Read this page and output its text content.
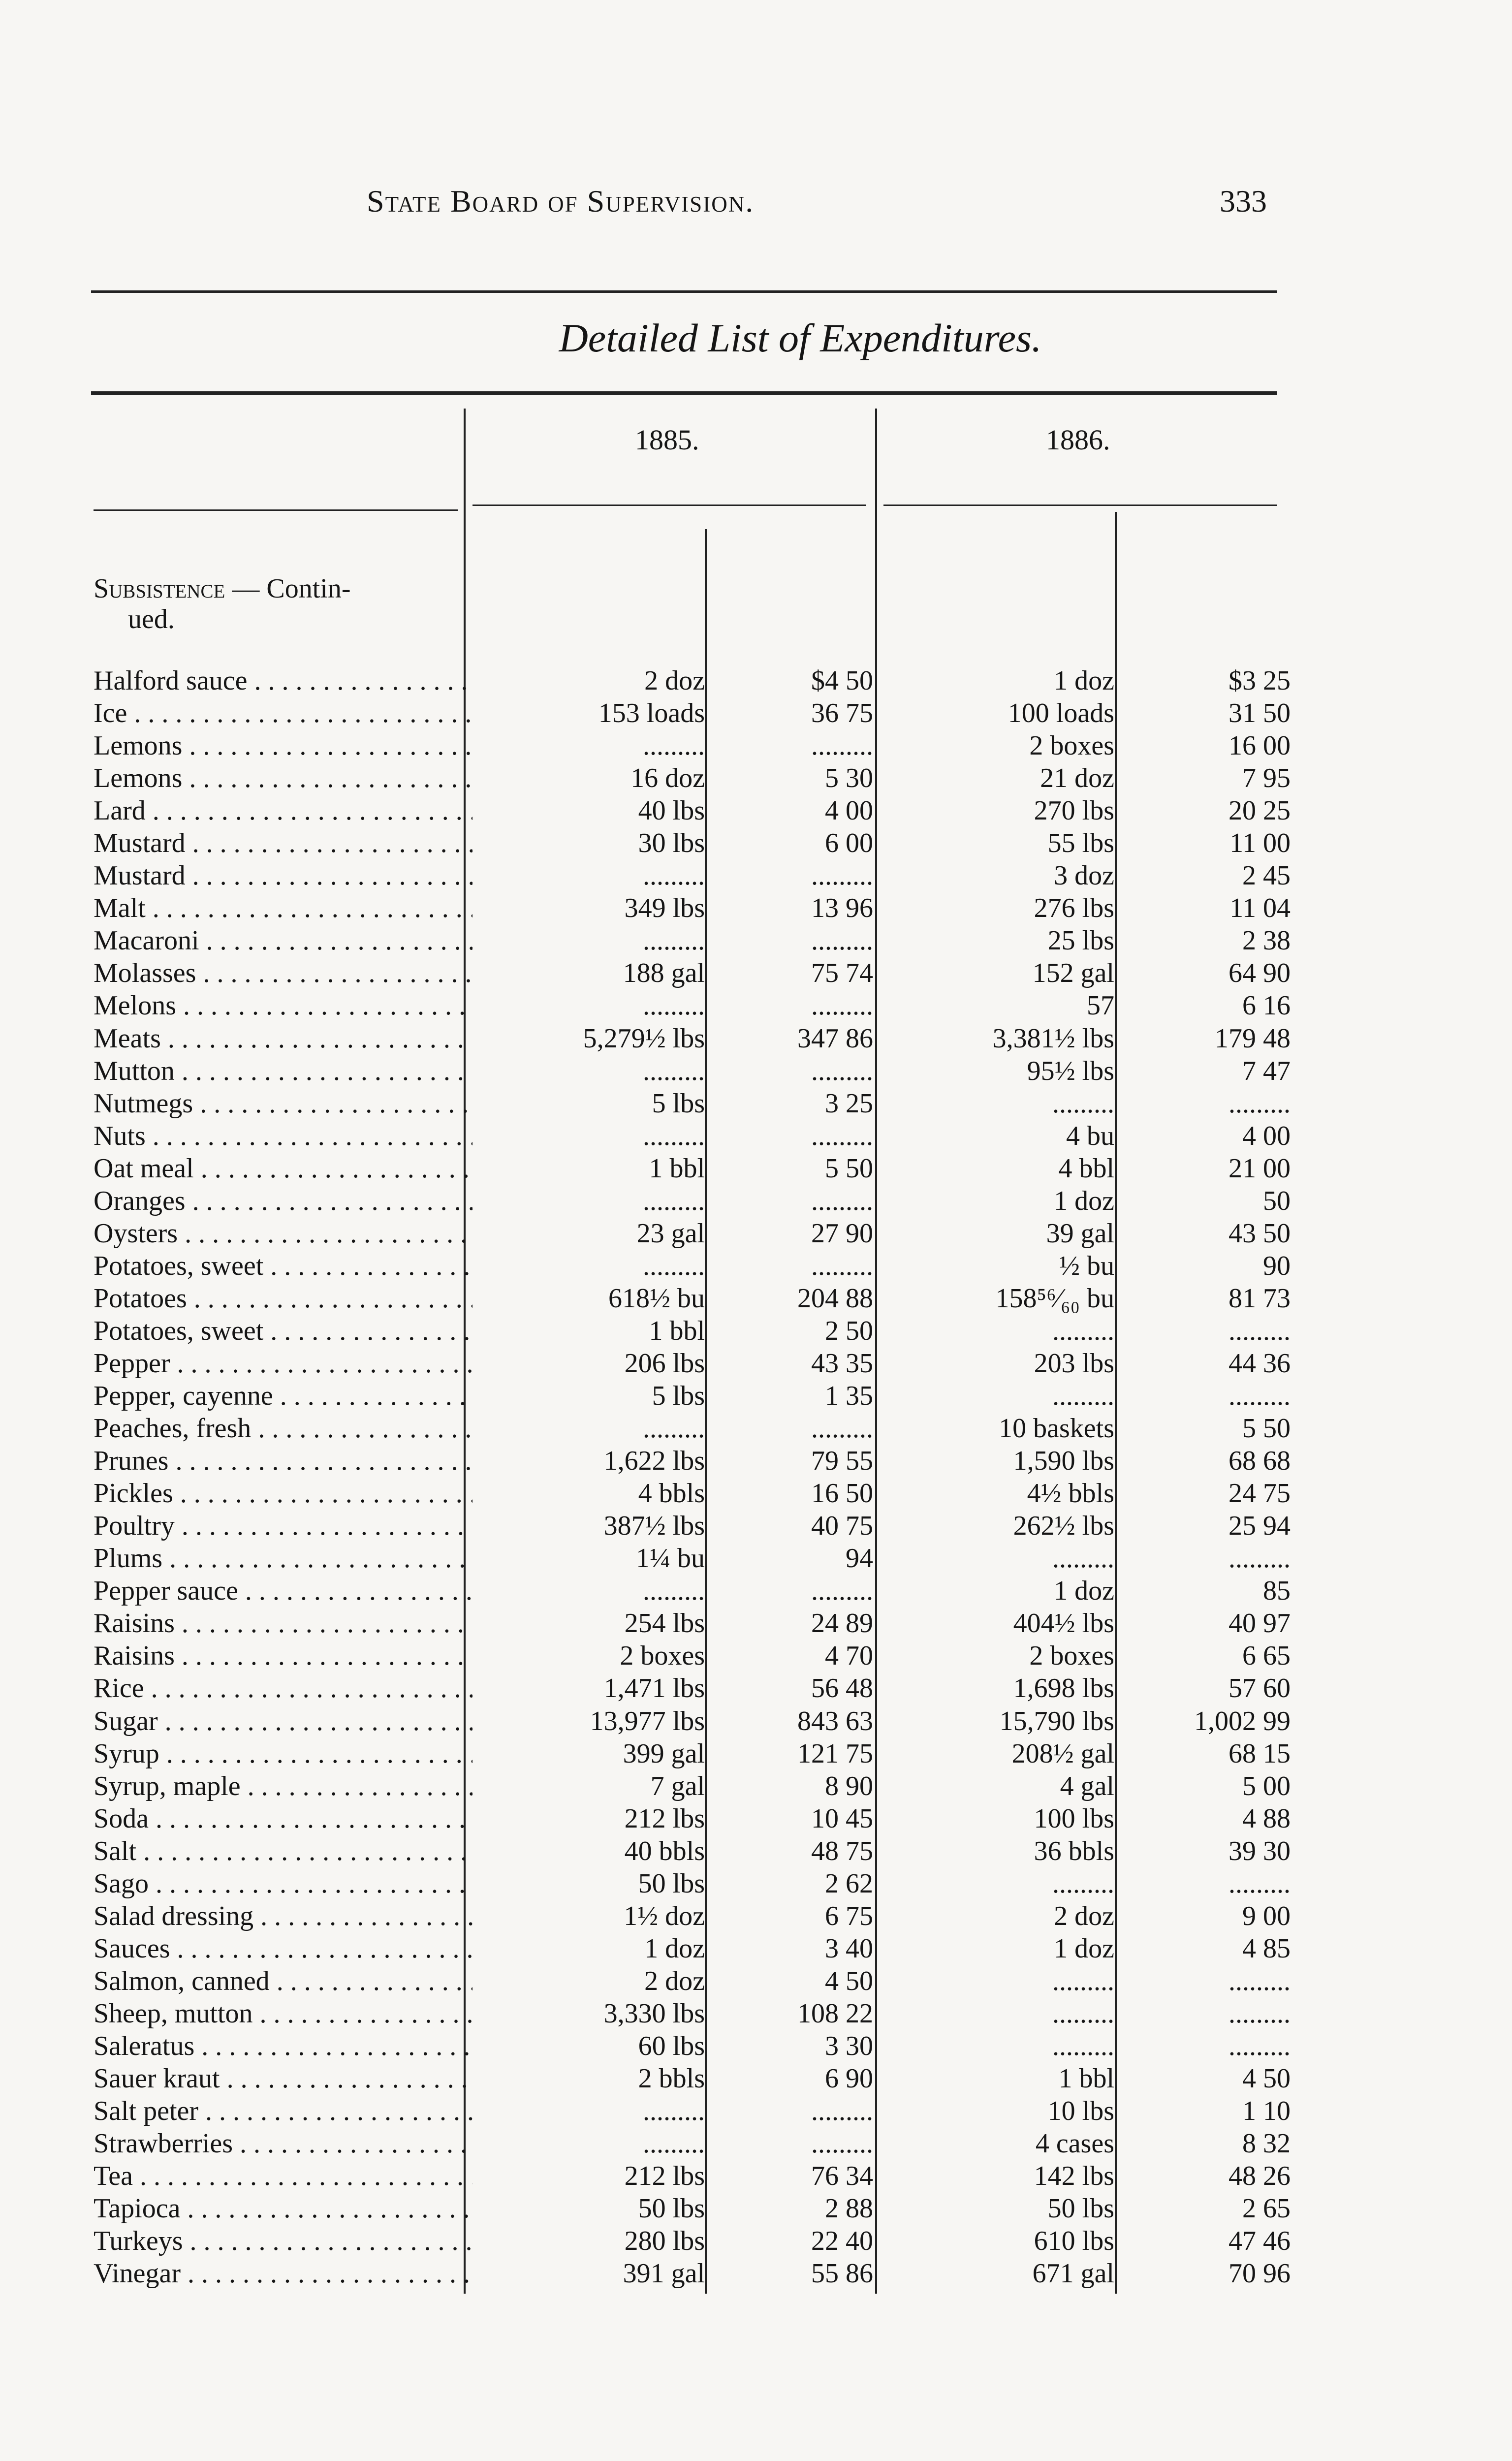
State Board of Supervision.	333
Detailed List of Expenditures.
1885.	1886.
Subsistence — Contin-
ued.
Halford sauce . . .	2 doz	$4 50	1 doz	$3 25
Ice . . .	153 loads	36 75	100 loads	31 50
Lemons . . .	.........	.........	2 boxes	16 00
Lemons . . .	16 doz	5 30	21 doz	7 95
Lard . . .	40 lbs	4 00	270 lbs	20 25
Mustard . . .	30 lbs	6 00	55 lbs	11 00
Mustard . . .	.........	.........	3 doz	2 45
Malt . . .	349 lbs	13 96	276 lbs	11 04
Macaroni . . .	.........	.........	25 lbs	2 38
Molasses . . .	188 gal	75 74	152 gal	64 90
Melons . . .	.........	.........	57	6 16
Meats . . .	5,279½ lbs	347 86	3,381½ lbs	179 48
Mutton . . .	.........	.........	95½ lbs	7 47
Nutmegs . . .	5 lbs	3 25	.........	.........
Nuts . . .	.........	.........	4 bu	4 00
Oat meal . . .	1 bbl	5 50	4 bbl	21 00
Oranges . . .	.........	.........	1 doz	50
Oysters . . .	23 gal	27 90	39 gal	43 50
Potatoes, sweet . . .	.........	.........	½ bu	90
Potatoes . . .	618½ bu	204 88	158⁵⁶⁄₆₀ bu	81 73
Potatoes, sweet . . .	1 bbl	2 50	.........	.........
Pepper . . .	206 lbs	43 35	203 lbs	44 36
Pepper, cayenne . . .	5 lbs	1 35	.........	.........
Peaches, fresh . . .	.........	.........	10 baskets	5 50
Prunes . . .	1,622 lbs	79 55	1,590 lbs	68 68
Pickles . . .	4 bbls	16 50	4½ bbls	24 75
Poultry . . .	387½ lbs	40 75	262½ lbs	25 94
Plums . . .	1¼ bu	94	.........	.........
Pepper sauce . . .	.........	.........	1 doz	85
Raisins . . .	254 lbs	24 89	404½ lbs	40 97
Raisins . . .	2 boxes	4 70	2 boxes	6 65
Rice . . .	1,471 lbs	56 48	1,698 lbs	57 60
Sugar . . .	13,977 lbs	843 63	15,790 lbs	1,002 99
Syrup . . .	399 gal	121 75	208½ gal	68 15
Syrup, maple . . .	7 gal	8 90	4 gal	5 00
Soda . . .	212 lbs	10 45	100 lbs	4 88
Salt . . .	40 bbls	48 75	36 bbls	39 30
Sago . . .	50 lbs	2 62	.........	.........
Salad dressing . . .	1½ doz	6 75	2 doz	9 00
Sauces . . .	1 doz	3 40	1 doz	4 85
Salmon, canned . . .	2 doz	4 50	.........	.........
Sheep, mutton . . .	3,330 lbs	108 22	.........	.........
Saleratus . . .	60 lbs	3 30	.........	.........
Sauer kraut . . .	2 bbls	6 90	1 bbl	4 50
Salt peter . . .	.........	.........	10 lbs	1 10
Strawberries . . .	.........	.........	4 cases	8 32
Tea . . .	212 lbs	76 34	142 lbs	48 26
Tapioca . . .	50 lbs	2 88	50 lbs	2 65
Turkeys . . .	280 lbs	22 40	610 lbs	47 46
Vinegar . . .	391 gal	55 86	671 gal	70 96
